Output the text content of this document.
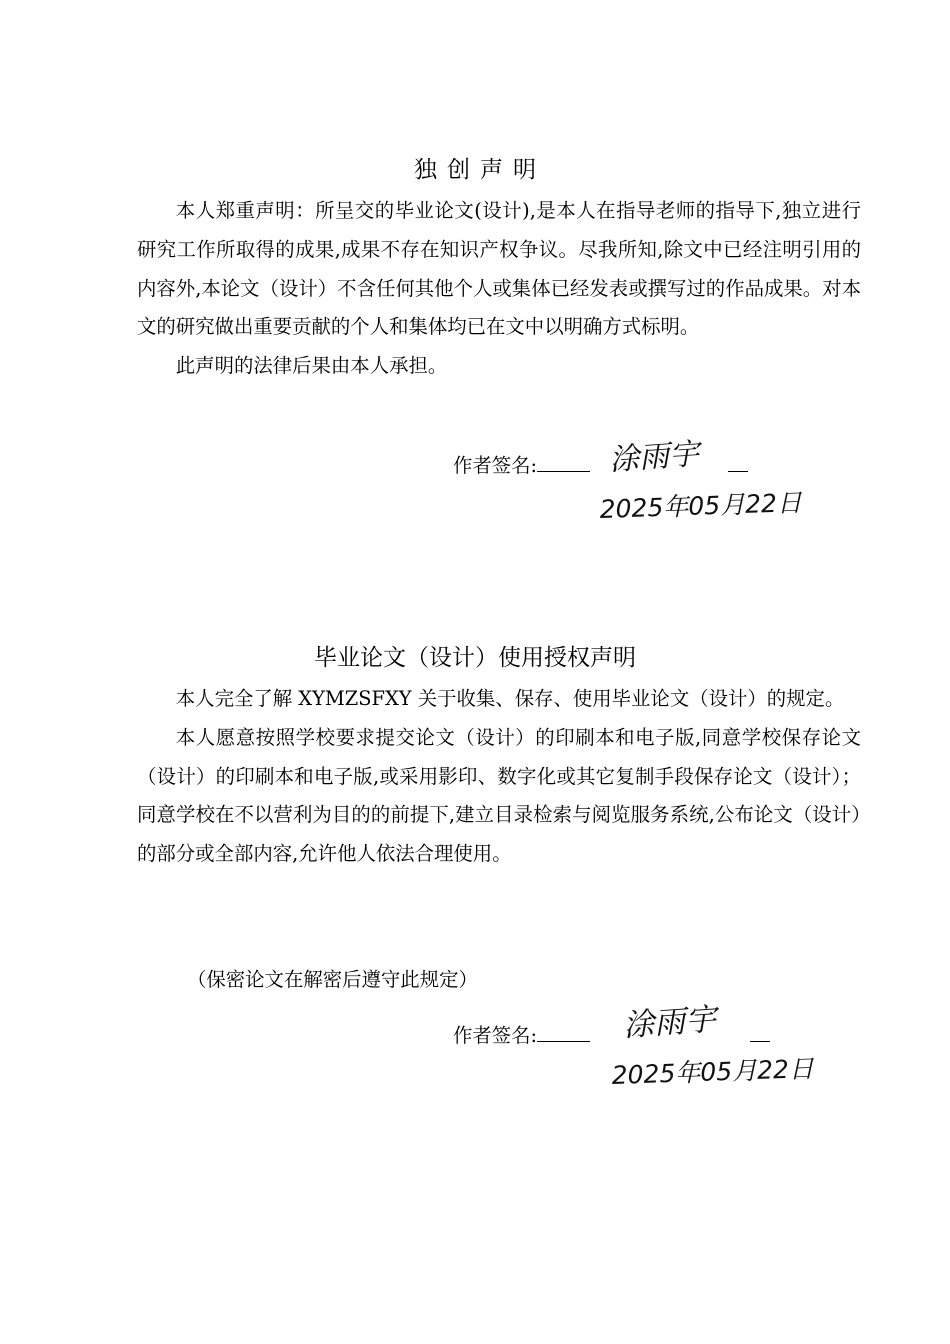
独创声明

本人郑重声明：所呈交的毕业论文(设计),是本人在指导老师的指导下,独立进行研究工作所取得的成果,成果不存在知识产权争议。尽我所知,除文中已经注明引用的内容外,本论文（设计）不含任何其他个人或集体已经发表或撰写过的作品成果。对本文的研究做出重要贡献的个人和集体均已在文中以明确方式标明。

此声明的法律后果由本人承担。

作者签名:	涂雨宇
2025年05月22日
毕业论文（设计）使用授权声明

本人完全了解 XYMZSFXY 关于收集、保存、使用毕业论文（设计）的规定。

本人愿意按照学校要求提交论文（设计）的印刷本和电子版,同意学校保存论文（设计）的印刷本和电子版,或采用影印、数字化或其它复制手段保存论文（设计）；同意学校在不以营利为目的的前提下,建立目录检索与阅览服务系统,公布论文（设计）的部分或全部内容,允许他人依法合理使用。

（保密论文在解密后遵守此规定）

作者签名:	涂雨宇
2025年05月22日
